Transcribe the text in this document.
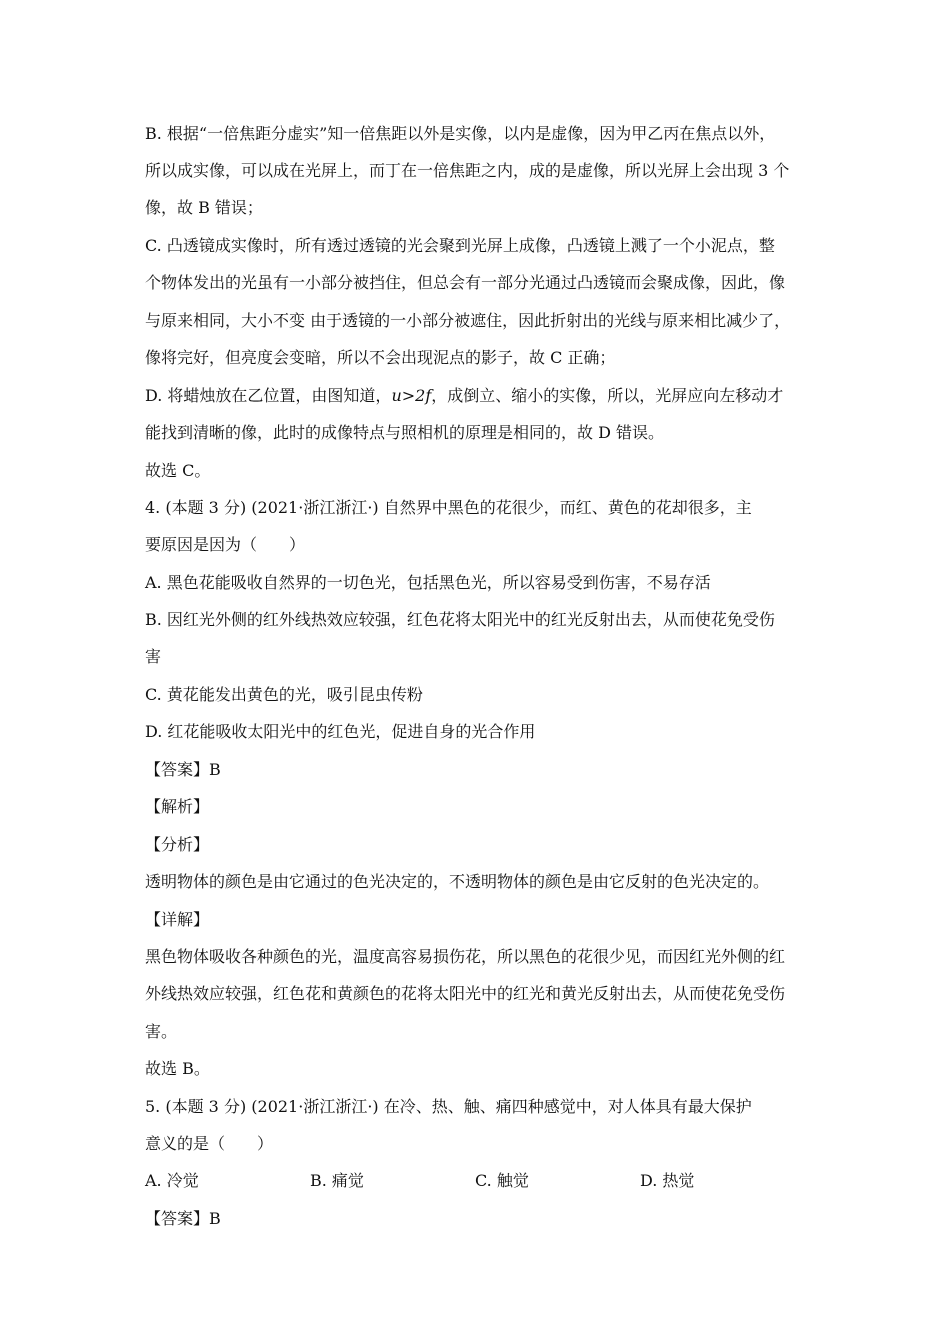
B. 根据“一倍焦距分虚实”知一倍焦距以外是实像，以内是虚像，因为甲乙丙在焦点以外，
所以成实像，可以成在光屏上，而丁在一倍焦距之内，成的是虚像，所以光屏上会出现 3 个
像，故 B 错误；
C. 凸透镜成实像时，所有透过透镜的光会聚到光屏上成像，凸透镜上溅了一个小泥点，整
个物体发出的光虽有一小部分被挡住，但总会有一部分光通过凸透镜而会聚成像，因此，像
与原来相同，大小不变 由于透镜的一小部分被遮住，因此折射出的光线与原来相比减少了，
像将完好，但亮度会变暗，所以不会出现泥点的影子，故 C 正确；
D. 将蜡烛放在乙位置，由图知道，u>2f，成倒立、缩小的实像，所以，光屏应向左移动才
能找到清晰的像，此时的成像特点与照相机的原理是相同的，故 D 错误。
故选 C。
4. (本题 3 分) (2021·浙江浙江·) 自然界中黑色的花很少，而红、黄色的花却很多，主
要原因是因为（　　）
A. 黑色花能吸收自然界的一切色光，包括黑色光，所以容易受到伤害，不易存活
B. 因红光外侧的红外线热效应较强，红色花将太阳光中的红光反射出去，从而使花免受伤
害
C. 黄花能发出黄色的光，吸引昆虫传粉
D. 红花能吸收太阳光中的红色光，促进自身的光合作用
【答案】B
【解析】
【分析】
透明物体的颜色是由它通过的色光决定的，不透明物体的颜色是由它反射的色光决定的。
【详解】
黑色物体吸收各种颜色的光，温度高容易损伤花，所以黑色的花很少见，而因红光外侧的红
外线热效应较强，红色花和黄颜色的花将太阳光中的红光和黄光反射出去，从而使花免受伤
害。
故选 B。
5. (本题 3 分) (2021·浙江浙江·) 在冷、热、触、痛四种感觉中，对人体具有最大保护
意义的是（　　）
A. 冷觉	B. 痛觉	C. 触觉	D. 热觉
【答案】B
